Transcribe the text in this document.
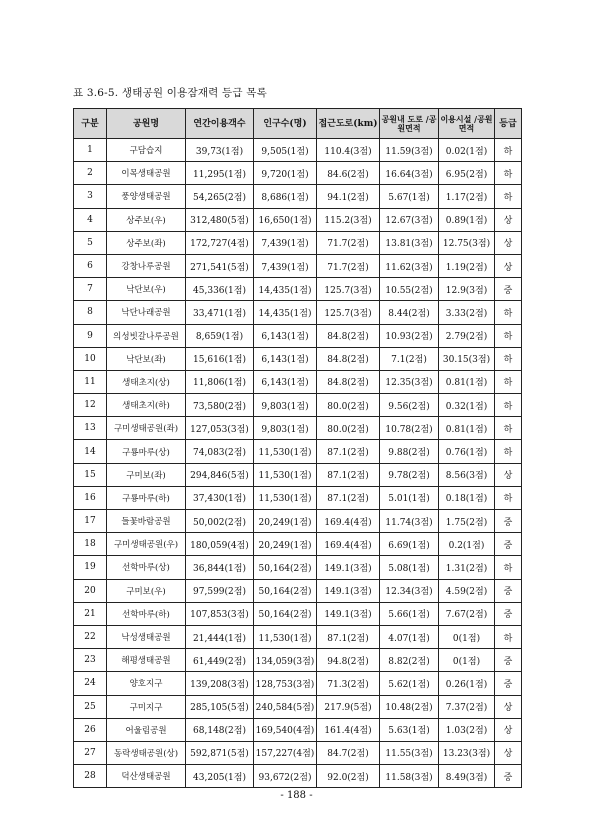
표 3.6-5. 생태공원 이용잠재력 등급 목록
구분	공원명	연간이용객수	인구수(명)	접근도로(km)	공원내 도로 /공원면적	이용시설 /공원면적	등급
1	구담습지	39,73(1점)	9,505(1점)	110.4(3점)	11.59(3점)	0.02(1점)	하
2	이목생태공원	11,295(1점)	9,720(1점)	84.6(2점)	16.64(3점)	6.95(2점)	하
3	풍양생태공원	54,265(2점)	8,686(1점)	94.1(2점)	5.67(1점)	1.17(2점)	하
4	상주보(우)	312,480(5점)	16,650(1점)	115.2(3점)	12.67(3점)	0.89(1점)	상
5	상주보(좌)	172,727(4점)	7,439(1점)	71.7(2점)	13.81(3점)	12.75(3점)	상
6	강창나루공원	271,541(5점)	7,439(1점)	71.7(2점)	11.62(3점)	1.19(2점)	상
7	낙단보(우)	45,336(1점)	14,435(1점)	125.7(3점)	10.55(2점)	12.9(3점)	중
8	낙단나래공원	33,471(1점)	14,435(1점)	125.7(3점)	8.44(2점)	3.33(2점)	하
9	의성빗갈나루공원	8,659(1점)	6,143(1점)	84.8(2점)	10.93(2점)	2.79(2점)	하
10	낙단보(좌)	15,616(1점)	6,143(1점)	84.8(2점)	7.1(2점)	30.15(3점)	하
11	생태초지(상)	11,806(1점)	6,143(1점)	84.8(2점)	12.35(3점)	0.81(1점)	하
12	생태초지(하)	73,580(2점)	9,803(1점)	80.0(2점)	9.56(2점)	0.32(1점)	하
13	구미생태공원(좌)	127,053(3점)	9,803(1점)	80.0(2점)	10.78(2점)	0.81(1점)	하
14	구룡마루(상)	74,083(2점)	11,530(1점)	87.1(2점)	9.88(2점)	0.76(1점)	하
15	구미보(좌)	294,846(5점)	11,530(1점)	87.1(2점)	9.78(2점)	8.56(3점)	상
16	구룡마루(하)	37,430(1점)	11,530(1점)	87.1(2점)	5.01(1점)	0.18(1점)	하
17	들꽃바람공원	50,002(2점)	20,249(1점)	169.4(4점)	11.74(3점)	1.75(2점)	중
18	구미생태공원(우)	180,059(4점)	20,249(1점)	169.4(4점)	6.69(1점)	0.2(1점)	중
19	선학마루(상)	36,844(1점)	50,164(2점)	149.1(3점)	5.08(1점)	1.31(2점)	하
20	구미보(우)	97,599(2점)	50,164(2점)	149.1(3점)	12.34(3점)	4.59(2점)	중
21	선학마루(하)	107,853(3점)	50,164(2점)	149.1(3점)	5.66(1점)	7.67(2점)	중
22	낙성생태공원	21,444(1점)	11,530(1점)	87.1(2점)	4.07(1점)	0(1점)	하
23	해평생태공원	61,449(2점)	134,059(3점)	94.8(2점)	8.82(2점)	0(1점)	중
24	양호지구	139,208(3점)	128,753(3점)	71.3(2점)	5.62(1점)	0.26(1점)	중
25	구미지구	285,105(5점)	240,584(5점)	217.9(5점)	10.48(2점)	7.37(2점)	상
26	어울림공원	68,148(2점)	169,540(4점)	161.4(4점)	5.63(1점)	1.03(2점)	상
27	동락생태공원(상)	592,871(5점)	157,227(4점)	84.7(2점)	11.55(3점)	13.23(3점)	상
28	덕산생태공원	43,205(1점)	93,672(2점)	92.0(2점)	11.58(3점)	8.49(3점)	중
- 188 -
